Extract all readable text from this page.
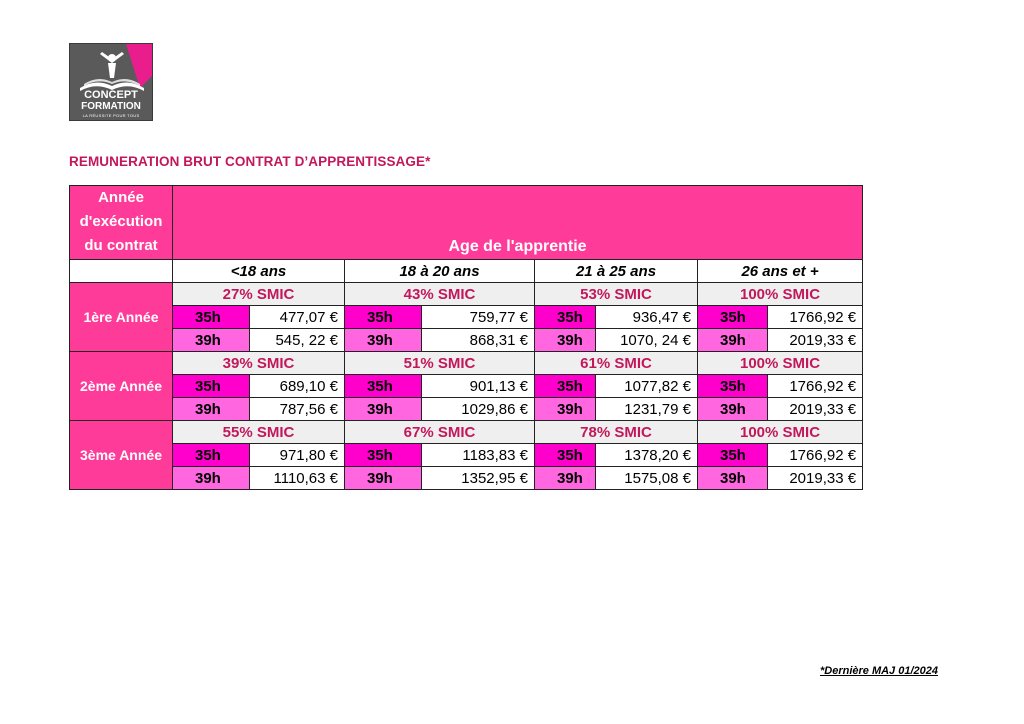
CONCEPT
FORMATION
LA RÉUSSITE POUR TOUS
REMUNERATION BRUT CONTRAT D’APPRENTISSAGE*
Année d'exécution du contrat	Age de l'apprentie							
	<18 ans		18 à 20 ans		21 à 25 ans		26 ans et +	
1ère Année	27% SMIC		43% SMIC		53% SMIC		100% SMIC	
	35h	477,07 €	35h	759,77 €	35h	936,47 €	35h	1766,92 €
	39h	545, 22 €	39h	868,31 €	39h	1070, 24 €	39h	2019,33 €
2ème Année	39% SMIC		51% SMIC		61% SMIC		100% SMIC	
	35h	689,10 €	35h	901,13 €	35h	1077,82 €	35h	1766,92 €
	39h	787,56 €	39h	1029,86 €	39h	1231,79 €	39h	2019,33 €
3ème Année	55% SMIC		67% SMIC		78% SMIC		100% SMIC	
	35h	971,80 €	35h	1183,83 €	35h	1378,20 €	35h	1766,92 €
	39h	1110,63 €	39h	1352,95 €	39h	1575,08 €	39h	2019,33 €
*Dernière MAJ 01/2024
